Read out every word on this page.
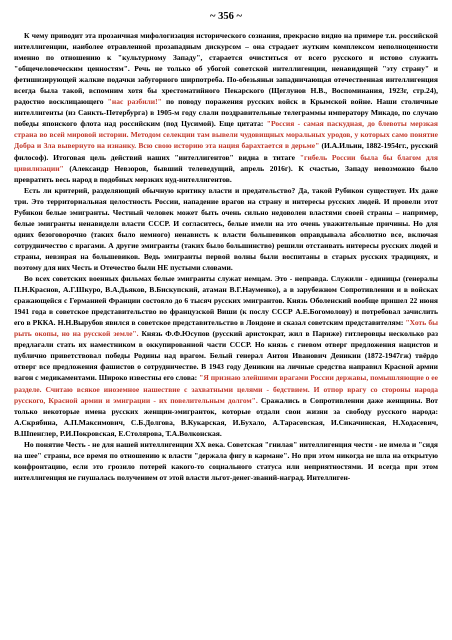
~ 356 ~

К чему приводит эта прозаичная мифологизация исторического сознания, прекрасно видно на примере т.н. российской интеллигенции, наиболее отравленной прозападным дискурсом – она страдает жутким комплексом неполноценности именно по отношению к "культурному Западу", старается очиститься от всего русского и истово служить "общечеловеческим ценностям". Речь не только об убогой советской интеллигенции, ненавидящей "эту страну" и фетишизирующей жалкие подачки забугорного ширпотреба. По-обезьяньи западничающая отечественная интеллигенция всегда была такой, вспомним хотя бы хрестоматийного Пекарского (Щеглунов Н.В., Воспоминания, 1923г, стр.24), радостно восклицающего "нас разбили!" по поводу поражения русских войск в Крымской войне. Наши столичные интеллигенты (из Санкть-Петербурга) в 1905-м году слали поздравительные телеграммы императору Микадо, по случаю победы японского флота над российским (под Цусимой). Еще цитата: "Россия - самая паскудная, до блевоты мерзкая страна во всей мировой истории. Методом селекции там вывели чудовищных моральных уродов, у которых само понятие Добра и Зла вывернуто на изнанку. Всю свою историю эта нация барахтается в дерьме" (И.А.Ильин, 1882-1954гг., русский философ). Итоговая цель действий наших "интеллигентов" видна в титаге "гибель России была бы благом для цивилизации" (Александр Невзоров, бывший телеведущий, апрель 2016г). К счастью, Западу невозможно было превратить весь народ в подобных мерзких нуд-интеллигентов.

Есть ли критерий, разделяющий обычную критику власти и предательство? Да, такой Рубикон существует. Их даже три. Это территориальная целостность России, нападение врагов на страну и интересы русских людей. И провели этот Рубикон белые эмигранты. Честный человек может быть очень сильно недоволен властями своей страны – например, белые эмигранты ненавидели власти СССР. И согласитесь, белые имели на это очень уважительные причины. Но для одних безоговорочно (таких было немного) ненависть к власти большевиков оправдывала абсолютно все, включая сотрудничество с врагами. А другие эмигранты (таких было большинство) решили отстаивать интересы русских людей и страны, невзирая на большевиков. Ведь эмигранты первой волны были воспитаны в старых русских традициях, и поэтому для них Честь и Отечество были НЕ пустыми словами.

Во всех советских военных фильмах белые эмигранты служат немцам. Это - неправда. Служили - единицы (генералы П.Н.Краснов, А.Г.Шкуро, В.А.Дьяков, В.Бискупский, атаман В.Г.Науменко), а в зарубежном Сопротивлении и в войсках сражающейся с Германией Франции состояло до 6 тысяч русских эмигрантов. Князь Оболенский вообще пришел 22 июня 1941 года в советское представительство во французской Виши (к послу СССР А.Е.Богомолову) и потребовал зачислить его в РККА. Н.Н.Вырубов явился в советское представительство в Лондоне и сказал советским представителям: "Хоть бы рыть окопы, но на русской земле". Князь Ф.Ф.Юсупов (русский аристократ, жил в Париже) гитлеровцы несколько раз предлагали стать их наместником в оккупированной части СССР. Но князь с гневом отверг предложения нацистов и публично приветствовал победы Родины над врагом. Белый генерал Антон Иванович Деникин (1872-1947гж) твёрдо отверг все предложения фашистов о сотрудничестве. В 1943 году Деникин на личные средства направил Красной армии вагон с медикаментами. Широко известны его слова: "Я признаю злейшими врагами России державы, помышляющие о ее разделе. Считаю всякое иноземное нашествие с захватными целями - бедствием. И отпор врагу со стороны народа русского, Красной армии и эмиграции - их повелительным долгом". Сражались в Сопротивлении даже женщины. Вот только некоторые имена русских женщин-эмигранток, которые отдали свои жизни за свободу русского народа: А.Скрябина, А.П.Максимович, С.Б.Долгова, В.Кукарская, И.Бухало, А.Тарасевская, И.Сикачинская, Н.Ходасевич, В.Шпенглер, Р.И.Покровская, Е.Столярова, Т.А.Волконская.

Но понятие Честь - не для нашей интеллигенции XX века. Советская "гнилая" интеллигенция чести - не имела и "сидя на шее" страны, все время по отношению к власти "держала фигу в кармане". Но при этом никогда не шла на открытую конфронтацию, если это грозило потерей какого-то социального статуса или неприятностями. И всегда при этом интеллигенция не гнушалась получением от этой власти льгот-денег-званий-наград. Интеллиген-
